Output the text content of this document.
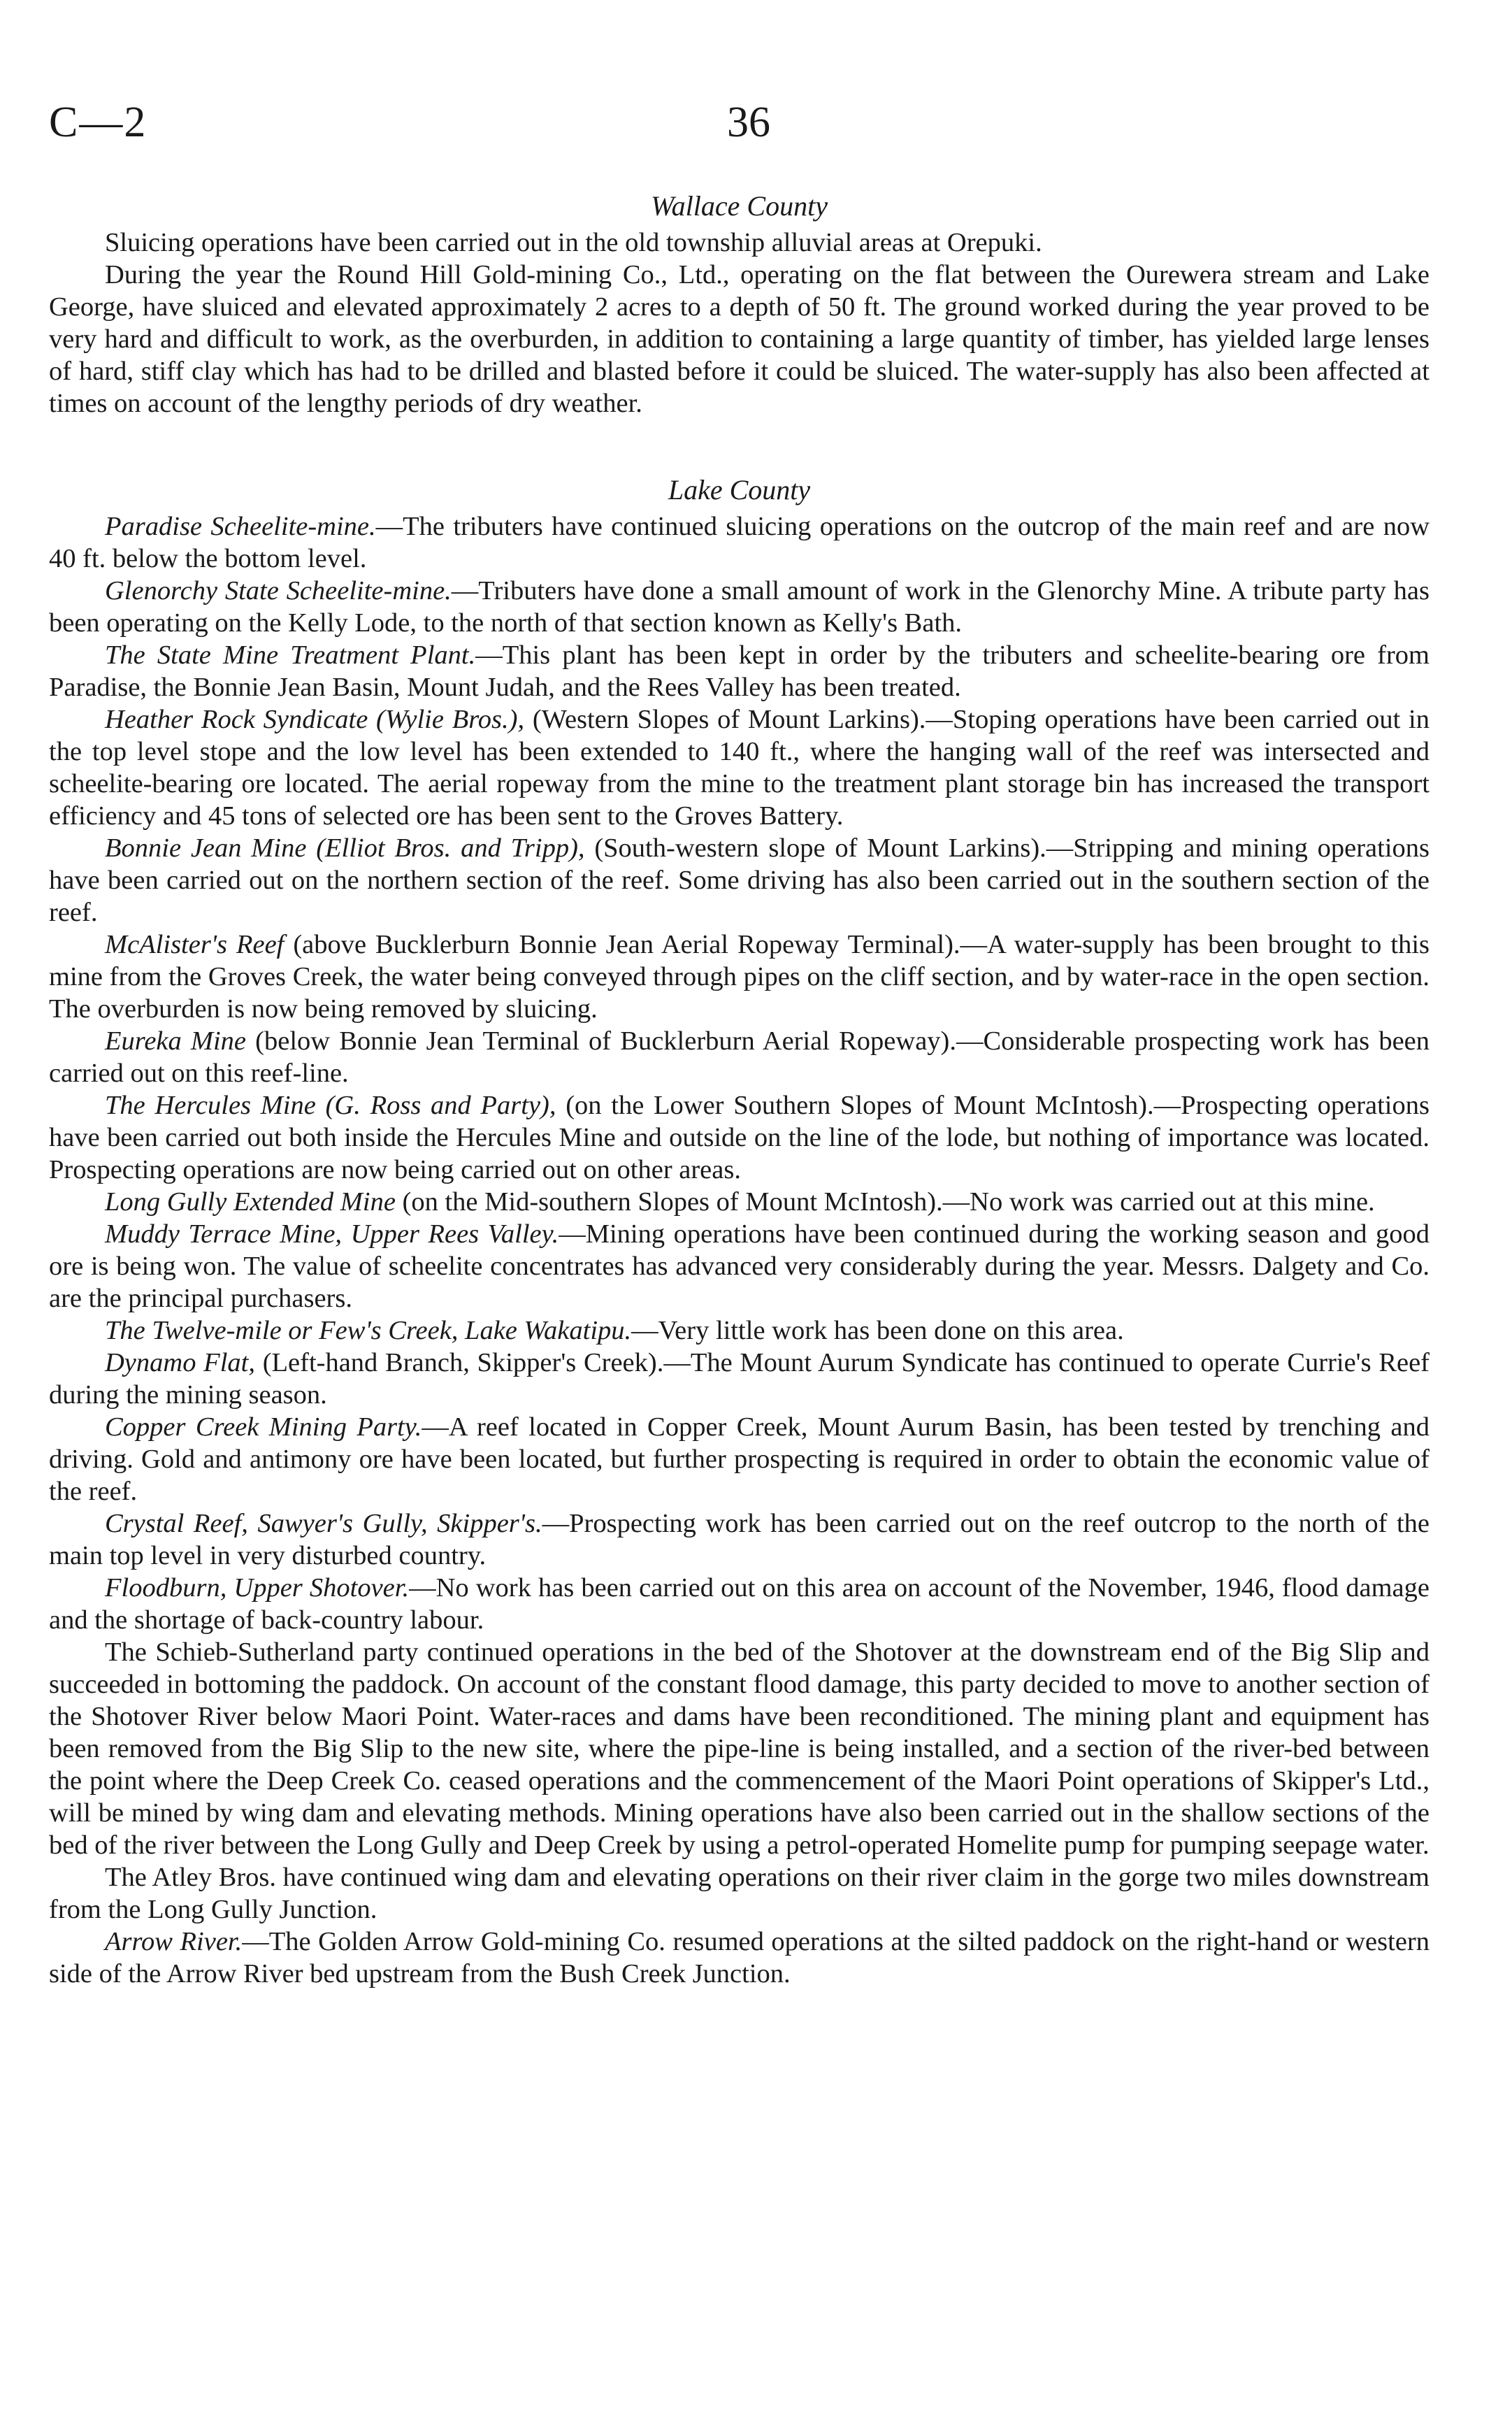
C—2	36
Wallace County

Sluicing operations have been carried out in the old township alluvial areas at Orepuki.

During the year the Round Hill Gold-mining Co., Ltd., operating on the flat between the Ourewera stream and Lake George, have sluiced and elevated approximately 2 acres to a depth of 50 ft. The ground worked during the year proved to be very hard and difficult to work, as the overburden, in addition to containing a large quantity of timber, has yielded large lenses of hard, stiff clay which has had to be drilled and blasted before it could be sluiced. The water-supply has also been affected at times on account of the lengthy periods of dry weather.

Lake County

Paradise Scheelite-mine.—The tributers have continued sluicing operations on the outcrop of the main reef and are now 40 ft. below the bottom level.

Glenorchy State Scheelite-mine.—Tributers have done a small amount of work in the Glenorchy Mine. A tribute party has been operating on the Kelly Lode, to the north of that section known as Kelly's Bath.

The State Mine Treatment Plant.—This plant has been kept in order by the tributers and scheelite-bearing ore from Paradise, the Bonnie Jean Basin, Mount Judah, and the Rees Valley has been treated.

Heather Rock Syndicate (Wylie Bros.), (Western Slopes of Mount Larkins).—Stoping operations have been carried out in the top level stope and the low level has been extended to 140 ft., where the hanging wall of the reef was intersected and scheelite-bearing ore located. The aerial ropeway from the mine to the treatment plant storage bin has increased the transport efficiency and 45 tons of selected ore has been sent to the Groves Battery.

Bonnie Jean Mine (Elliot Bros. and Tripp), (South-western slope of Mount Larkins).—Stripping and mining operations have been carried out on the northern section of the reef. Some driving has also been carried out in the southern section of the reef.

McAlister's Reef (above Bucklerburn Bonnie Jean Aerial Ropeway Terminal).—A water-supply has been brought to this mine from the Groves Creek, the water being conveyed through pipes on the cliff section, and by water-race in the open section. The overburden is now being removed by sluicing.

Eureka Mine (below Bonnie Jean Terminal of Bucklerburn Aerial Ropeway).—Considerable prospecting work has been carried out on this reef-line.

The Hercules Mine (G. Ross and Party), (on the Lower Southern Slopes of Mount McIntosh).—Prospecting operations have been carried out both inside the Hercules Mine and outside on the line of the lode, but nothing of importance was located. Prospecting operations are now being carried out on other areas.

Long Gully Extended Mine (on the Mid-southern Slopes of Mount McIntosh).—No work was carried out at this mine.

Muddy Terrace Mine, Upper Rees Valley.—Mining operations have been continued during the working season and good ore is being won. The value of scheelite concentrates has advanced very considerably during the year. Messrs. Dalgety and Co. are the principal purchasers.

The Twelve-mile or Few's Creek, Lake Wakatipu.—Very little work has been done on this area.

Dynamo Flat, (Left-hand Branch, Skipper's Creek).—The Mount Aurum Syndicate has continued to operate Currie's Reef during the mining season.

Copper Creek Mining Party.—A reef located in Copper Creek, Mount Aurum Basin, has been tested by trenching and driving. Gold and antimony ore have been located, but further prospecting is required in order to obtain the economic value of the reef.

Crystal Reef, Sawyer's Gully, Skipper's.—Prospecting work has been carried out on the reef outcrop to the north of the main top level in very disturbed country.

Floodburn, Upper Shotover.—No work has been carried out on this area on account of the November, 1946, flood damage and the shortage of back-country labour.

The Schieb-Sutherland party continued operations in the bed of the Shotover at the downstream end of the Big Slip and succeeded in bottoming the paddock. On account of the constant flood damage, this party decided to move to another section of the Shotover River below Maori Point. Water-races and dams have been reconditioned. The mining plant and equipment has been removed from the Big Slip to the new site, where the pipe-line is being installed, and a section of the river-bed between the point where the Deep Creek Co. ceased operations and the commencement of the Maori Point operations of Skipper's Ltd., will be mined by wing dam and elevating methods. Mining operations have also been carried out in the shallow sections of the bed of the river between the Long Gully and Deep Creek by using a petrol-operated Homelite pump for pumping seepage water.

The Atley Bros. have continued wing dam and elevating operations on their river claim in the gorge two miles downstream from the Long Gully Junction.

Arrow River.—The Golden Arrow Gold-mining Co. resumed operations at the silted paddock on the right-hand or western side of the Arrow River bed upstream from the Bush Creek Junction.
